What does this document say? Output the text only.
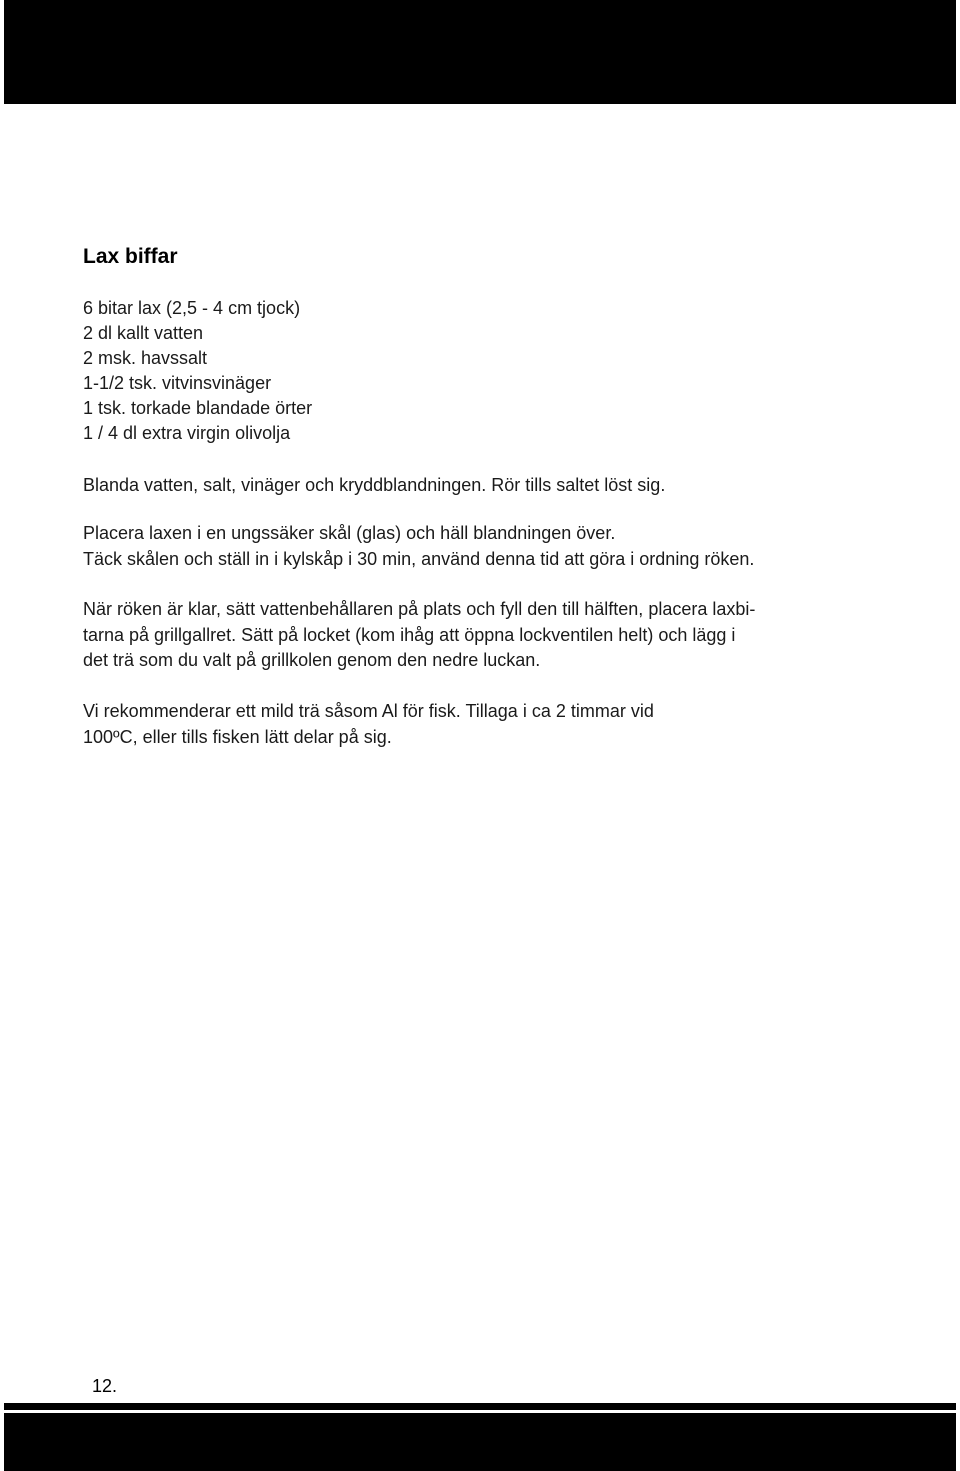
Lax biffar
6 bitar lax (2,5 - 4 cm tjock)
2 dl kallt vatten
2 msk. havssalt
1-1/2 tsk. vitvinsvinäger
1 tsk. torkade blandade örter
1 / 4 dl extra virgin olivolja

Blanda vatten, salt, vinäger och kryddblandningen. Rör tills saltet löst sig.

Placera laxen i en ungssäker skål (glas) och häll blandningen över.
Täck skålen och ställ in i kylskåp i 30 min, använd denna tid att göra i ordning röken.

När röken är klar, sätt vattenbehållaren på plats och fyll den till hälften, placera laxbi-
tarna på grillgallret. Sätt på locket (kom ihåg att öppna lockventilen helt) och lägg i
det trä som du valt på grillkolen genom den nedre luckan.

Vi rekommenderar ett mild trä såsom Al för fisk. Tillaga i ca 2 timmar vid
100ºC, eller tills fisken lätt delar på sig.

12.
